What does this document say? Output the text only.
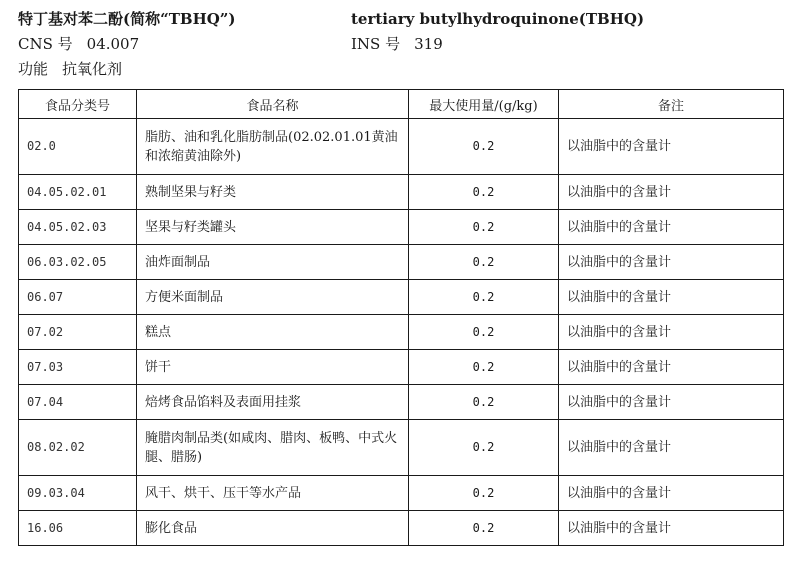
特丁基对苯二酚(简称“TBHQ”)	tertiary butylhydroquinone(TBHQ)
CNS 号 04.007	INS 号 319
功能 抗氧化剂
食品分类号	食品名称	最大使用量/(g/kg)	备注
02.0	脂肪、油和乳化脂肪制品(02.02.01.01黄油和浓缩黄油除外)	0.2	以油脂中的含量计
04.05.02.01	熟制坚果与籽类	0.2	以油脂中的含量计
04.05.02.03	坚果与籽类罐头	0.2	以油脂中的含量计
06.03.02.05	油炸面制品	0.2	以油脂中的含量计
06.07	方便米面制品	0.2	以油脂中的含量计
07.02	糕点	0.2	以油脂中的含量计
07.03	饼干	0.2	以油脂中的含量计
07.04	焙烤食品馅料及表面用挂浆	0.2	以油脂中的含量计
08.02.02	腌腊肉制品类(如咸肉、腊肉、板鸭、中式火腿、腊肠)	0.2	以油脂中的含量计
09.03.04	风干、烘干、压干等水产品	0.2	以油脂中的含量计
16.06	膨化食品	0.2	以油脂中的含量计
